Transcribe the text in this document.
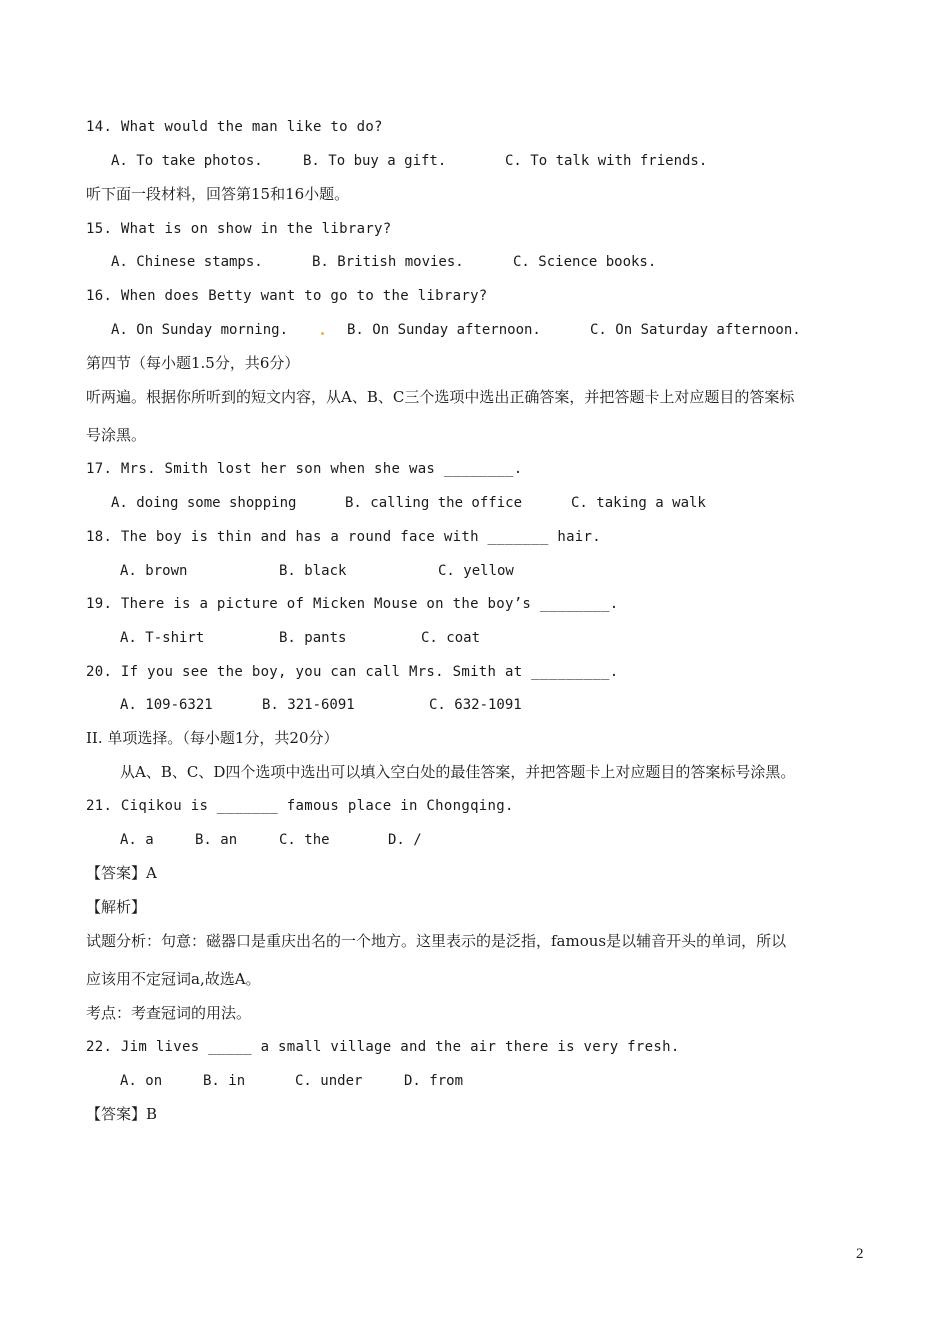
14. What would the man like to do?
A. To take photos.	B. To buy a gift.	C. To talk with friends.
听下面一段材料，回答第15和16小题。
15. What is on show in the library?
A. Chinese stamps.	B. British movies.	C. Science books.
16. When does Betty want to go to the library?
A. On Sunday morning.	B. On Sunday afternoon.	C. On Saturday afternoon.
第四节（每小题1.5分，共6分）
听两遍。根据你所听到的短文内容，从A、B、C三个选项中选出正确答案，并把答题卡上对应题目的答案标
号涂黑。
17. Mrs. Smith lost her son when she was ________.
A. doing some shopping	B. calling the office	C. taking a walk
18. The boy is thin and has a round face with _______ hair.
A. brown	B. black	C. yellow
19. There is a picture of Micken Mouse on the boy’s ________.
A. T-shirt	B. pants	C. coat
20. If you see the boy, you can call Mrs. Smith at _________.
A. 109-6321	B. 321-6091	C. 632-1091
II. 单项选择。（每小题1分，共20分）
从A、B、C、D四个选项中选出可以填入空白处的最佳答案，并把答题卡上对应题目的答案标号涂黑。
21. Ciqikou is _______ famous place in Chongqing.
A. a	B. an	C. the	D. /
【答案】A
【解析】
试题分析：句意：磁器口是重庆出名的一个地方。这里表示的是泛指，famous是以辅音开头的单词，所以
应该用不定冠词a,故选A。
考点：考查冠词的用法。
22. Jim lives _____ a small village and the air there is very fresh.
A. on	B. in	C. under	D. from
【答案】B
2
